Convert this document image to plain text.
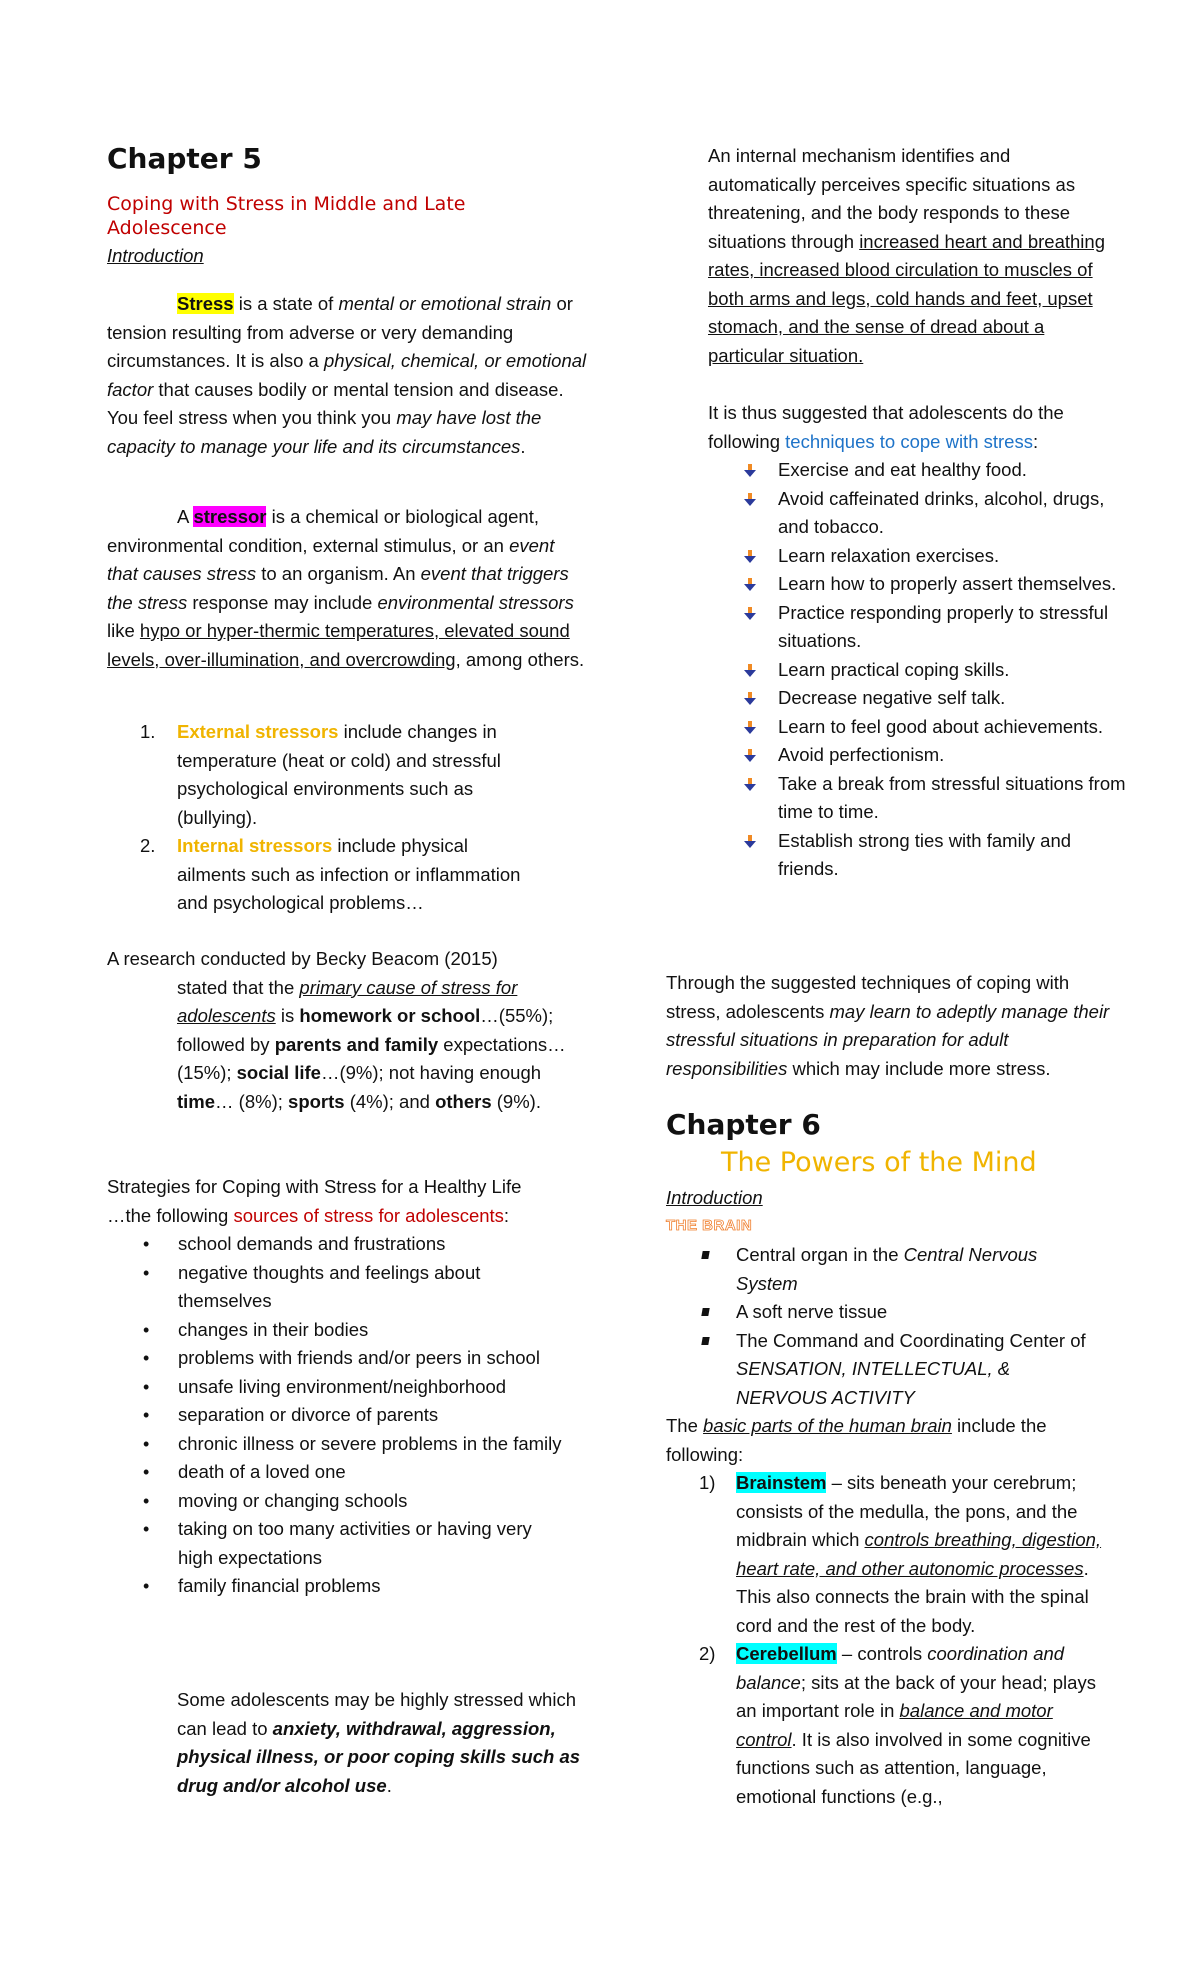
Chapter 5
Coping with Stress in Middle and Late Adolescence
Introduction

Stress is a state of mental or emotional strain or tension resulting from adverse or very demanding circumstances. It is also a physical, chemical, or emotional factor that causes bodily or mental tension and disease. You feel stress when you think you may have lost the capacity to manage your life and its circumstances.

A stressor is a chemical or biological agent, environmental condition, external stimulus, or an event that causes stress to an organism. An event that triggers the stress response may include environmental stressors like hypo or hyper-thermic temperatures, elevated sound levels, over-illumination, and overcrowding, among others.

1. External stressors include changes in temperature (heat or cold) and stressful psychological environments such as (bullying).
2. Internal stressors include physical ailments such as infection or inflammation and psychological problems…

A research conducted by Becky Beacom (2015)

stated that the primary cause of stress for adolescents is homework or school…(55%); followed by parents and family expectations…(15%); social life…(9%); not having enough time… (8%); sports (4%); and others (9%).

Strategies for Coping with Stress for a Healthy Life

…the following sources of stress for adolescents:

• school demands and frustrations
• negative thoughts and feelings about themselves
• changes in their bodies
• problems with friends and/or peers in school
• unsafe living environment/neighborhood
• separation or divorce of parents
• chronic illness or severe problems in the family
• death of a loved one
• moving or changing schools
• taking on too many activities or having very high expectations
• family financial problems

Some adolescents may be highly stressed which can lead to anxiety, withdrawal, aggression, physical illness, or poor coping skills such as drug and/or alcohol use.

An internal mechanism identifies and automatically perceives specific situations as threatening, and the body responds to these situations through increased heart and breathing rates, increased blood circulation to muscles of both arms and legs, cold hands and feet, upset stomach, and the sense of dread about a particular situation.

It is thus suggested that adolescents do the following techniques to cope with stress:

Exercise and eat healthy food.
Avoid caffeinated drinks, alcohol, drugs, and tobacco.
Learn relaxation exercises.
Learn how to properly assert themselves.
Practice responding properly to stressful situations.
Learn practical coping skills.
Decrease negative self talk.
Learn to feel good about achievements.
Avoid perfectionism.
Take a break from stressful situations from time to time.
Establish strong ties with family and friends.

Through the suggested techniques of coping with stress, adolescents may learn to adeptly manage their stressful situations in preparation for adult responsibilities which may include more stress.

Chapter 6
The Powers of the Mind
Introduction
THE BRAIN
Central organ in the Central Nervous System
A soft nerve tissue
The Command and Coordinating Center of SENSATION, INTELLECTUAL, & NERVOUS ACTIVITY

The basic parts of the human brain include the following:

1) Brainstem – sits beneath your cerebrum; consists of the medulla, the pons, and the midbrain which controls breathing, digestion, heart rate, and other autonomic processes. This also connects the brain with the spinal cord and the rest of the body.
2) Cerebellum – controls coordination and balance; sits at the back of your head; plays an important role in balance and motor control. It is also involved in some cognitive functions such as attention, language, emotional functions (e.g.,
